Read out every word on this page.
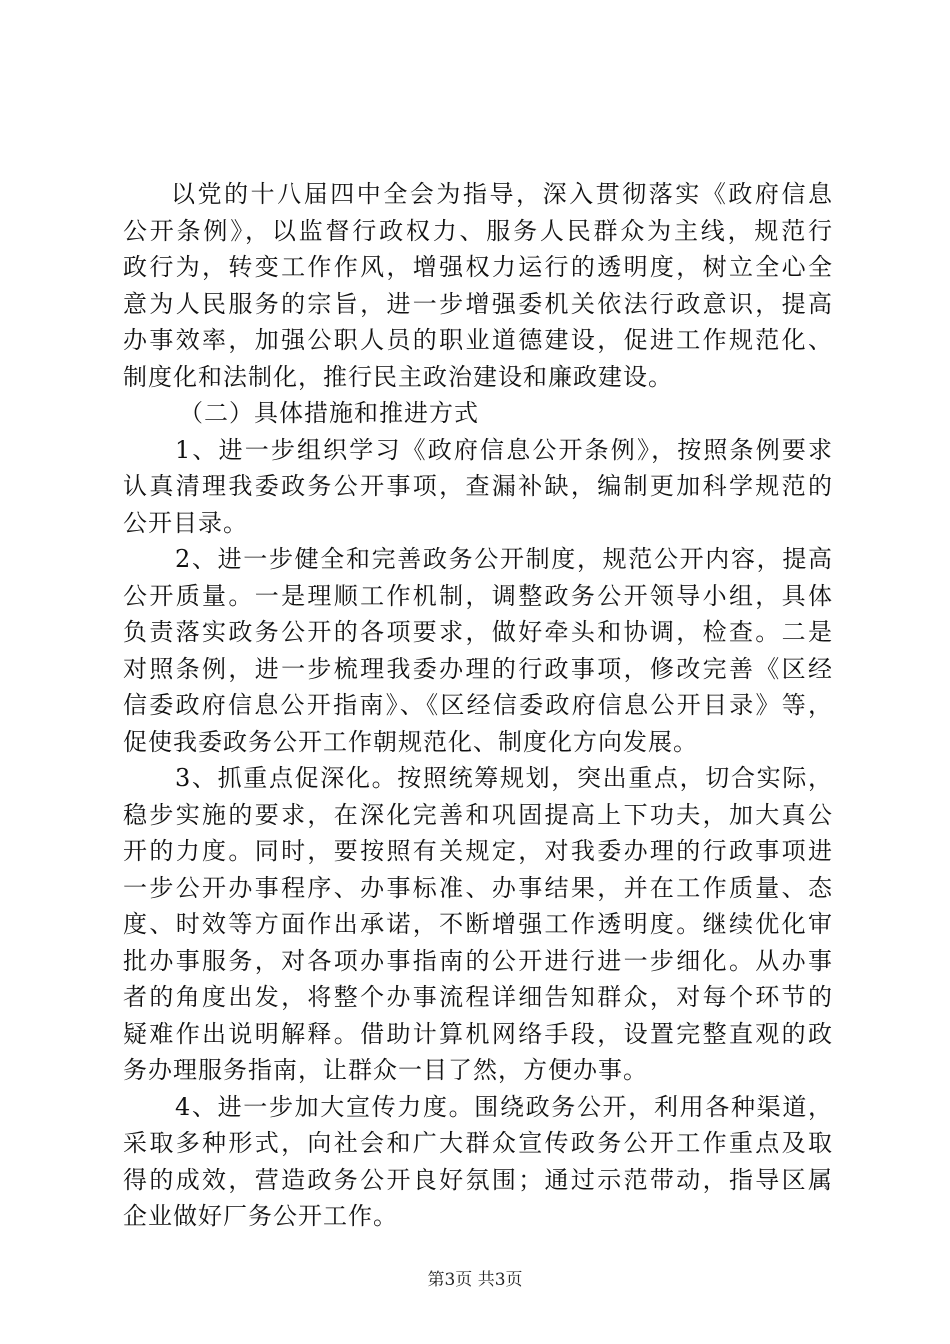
以党的十八届四中全会为指导，深入贯彻落实《政府信息
公开条例》，以监督行政权力、服务人民群众为主线，规范行
政行为，转变工作作风，增强权力运行的透明度，树立全心全
意为人民服务的宗旨，进一步增强委机关依法行政意识，提高
办事效率，加强公职人员的职业道德建设，促进工作规范化、
制度化和法制化，推行民主政治建设和廉政建设。
（二）具体措施和推进方式
1、进一步组织学习《政府信息公开条例》，按照条例要求
认真清理我委政务公开事项，查漏补缺，编制更加科学规范的
公开目录。
2、进一步健全和完善政务公开制度，规范公开内容，提高
公开质量。一是理顺工作机制，调整政务公开领导小组，具体
负责落实政务公开的各项要求，做好牵头和协调，检查。二是
对照条例，进一步梳理我委办理的行政事项，修改完善《区经
信委政府信息公开指南》、《区经信委政府信息公开目录》等，
促使我委政务公开工作朝规范化、制度化方向发展。
3、抓重点促深化。按照统筹规划，突出重点，切合实际，
稳步实施的要求，在深化完善和巩固提高上下功夫，加大真公
开的力度。同时，要按照有关规定，对我委办理的行政事项进
一步公开办事程序、办事标准、办事结果，并在工作质量、态
度、时效等方面作出承诺，不断增强工作透明度。继续优化审
批办事服务，对各项办事指南的公开进行进一步细化。从办事
者的角度出发，将整个办事流程详细告知群众，对每个环节的
疑难作出说明解释。借助计算机网络手段，设置完整直观的政
务办理服务指南，让群众一目了然，方便办事。
4、进一步加大宣传力度。围绕政务公开，利用各种渠道，
采取多种形式，向社会和广大群众宣传政务公开工作重点及取
得的成效，营造政务公开良好氛围；通过示范带动，指导区属
企业做好厂务公开工作。
第3页 共3页
